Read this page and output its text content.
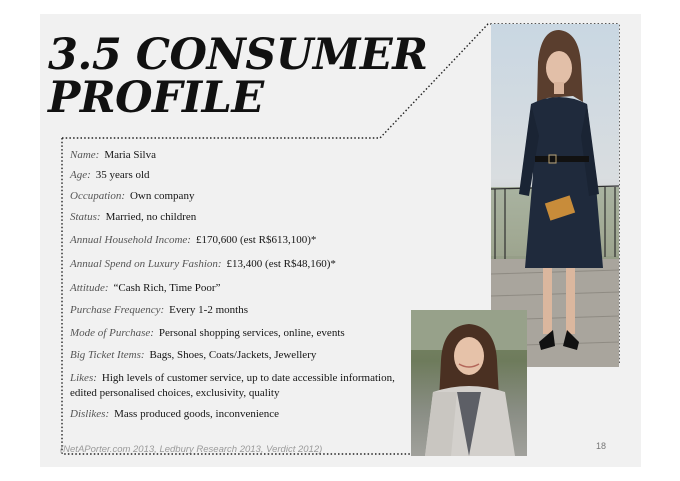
3.5 CONSUMER
PROFILE

Name: Maria Silva

Age: 35 years old

Occupation: Own company

Status: Married, no children

Annual Household Income: £170,600 (est R$613,100)*

Annual Spend on Luxury Fashion: £13,400 (est R$48,160)*

Attitude: “Cash Rich, Time Poor”

Purchase Frequency: Every 1-2 months

Mode of Purchase: Personal shopping services, online, events

Big Ticket Items: Bags, Shoes, Coats/Jackets, Jewellery

Likes: High levels of customer service, up to date accessible information, edited personalised choices, exclusivity, quality

Dislikes: Mass produced goods, inconvenience

(NetAPorter.com 2013, Ledbury Research 2013, Verdict 2012)	18
